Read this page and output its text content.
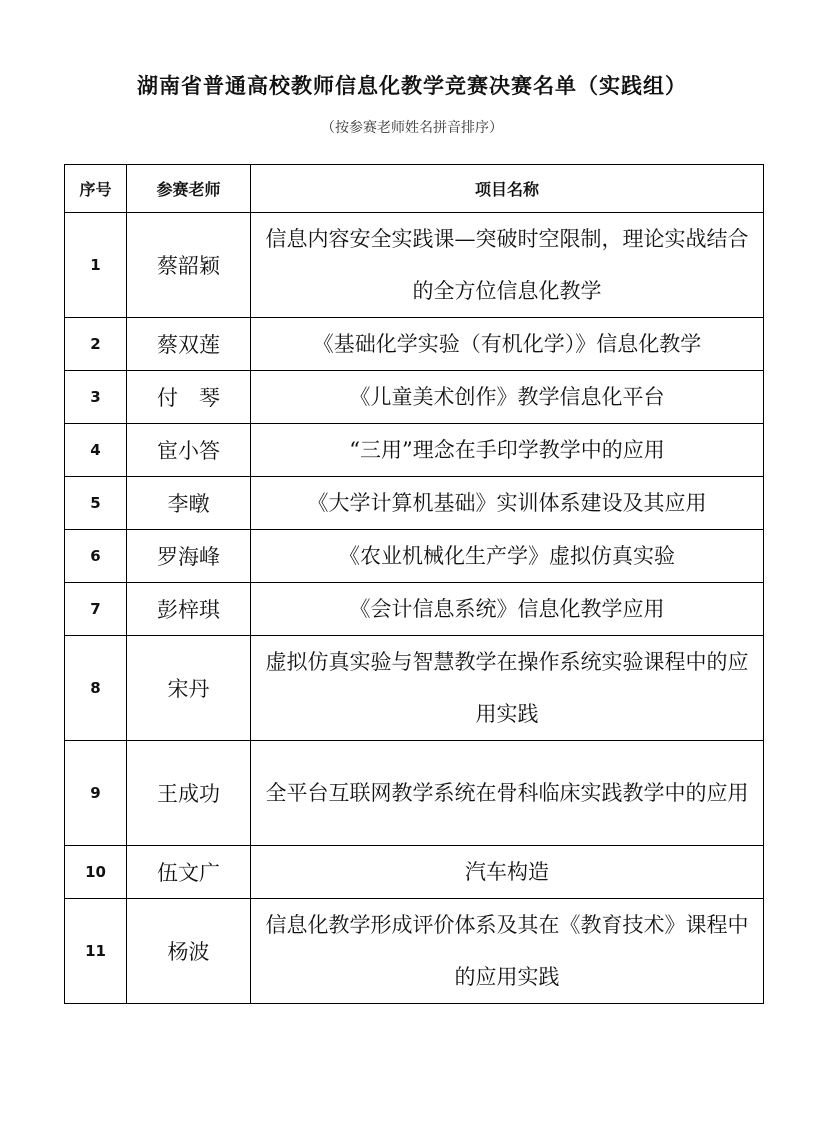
湖南省普通高校教师信息化教学竞赛决赛名单（实践组）
（按参赛老师姓名拼音排序）
序号	参赛老师	项目名称
1	蔡韶颖	信息内容安全实践课—突破时空限制，理论实战结合的全方位信息化教学
2	蔡双莲	《基础化学实验（有机化学）》信息化教学
3	付　琴	《儿童美术创作》教学信息化平台
4	宦小答	“三用”理念在手印学教学中的应用
5	李暾	《大学计算机基础》实训体系建设及其应用
6	罗海峰	《农业机械化生产学》虚拟仿真实验
7	彭梓琪	《会计信息系统》信息化教学应用
8	宋丹	虚拟仿真实验与智慧教学在操作系统实验课程中的应用实践
9	王成功	全平台互联网教学系统在骨科临床实践教学中的应用
10	伍文广	汽车构造
11	杨波	信息化教学形成评价体系及其在《教育技术》课程中的应用实践
